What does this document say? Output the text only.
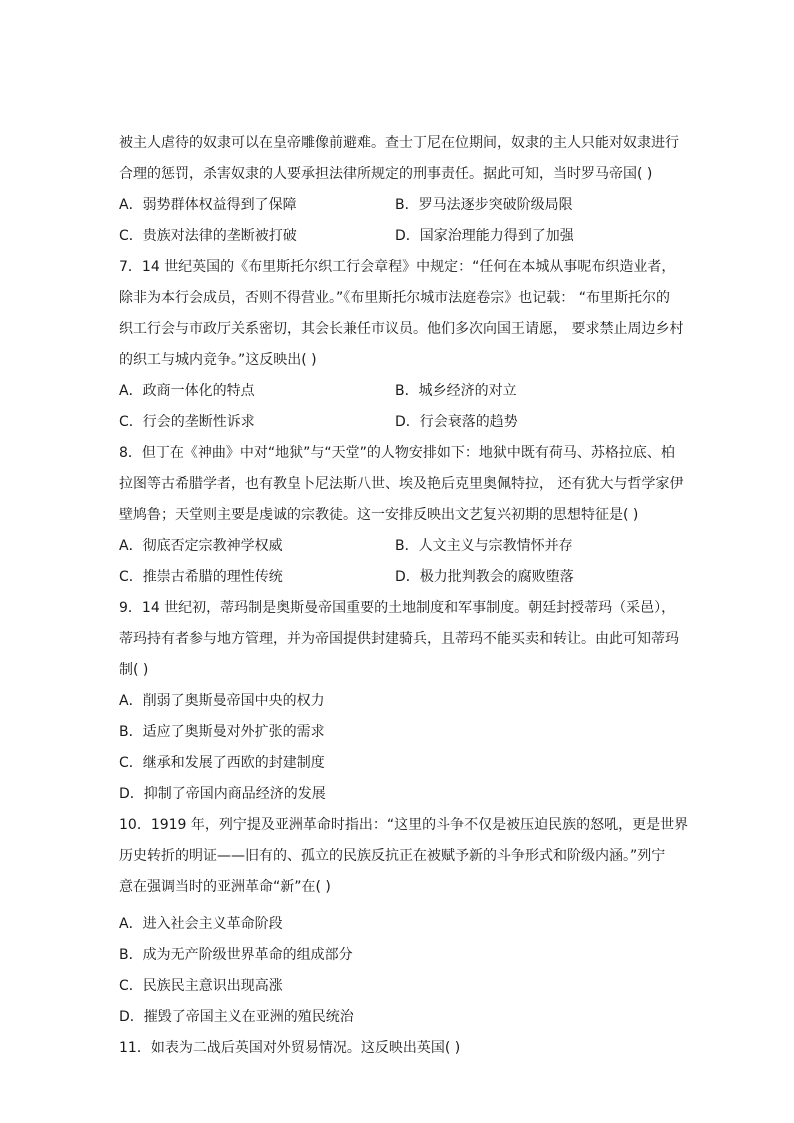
被主人虐待的奴隶可以在皇帝雕像前避难。查士丁尼在位期间，奴隶的主人只能对奴隶进行
合理的惩罚，杀害奴隶的人要承担法律所规定的刑事责任。据此可知，当时罗马帝国( )
A．弱势群体权益得到了保障	B．罗马法逐步突破阶级局限
C．贵族对法律的垄断被打破	D．国家治理能力得到了加强
7．14 世纪英国的《布里斯托尔织工行会章程》中规定：“任何在本城从事呢布织造业者，
除非为本行会成员，否则不得营业。”《布里斯托尔城市法庭卷宗》也记载： “布里斯托尔的
织工行会与市政厅关系密切，其会长兼任市议员。他们多次向国王请愿， 要求禁止周边乡村
的织工与城内竞争。”这反映出( )
A．政商一体化的特点	B．城乡经济的对立
C．行会的垄断性诉求	D．行会衰落的趋势
8．但丁在《神曲》中对“地狱”与“天堂”的人物安排如下：地狱中既有荷马、苏格拉底、柏
拉图等古希腊学者，也有教皇卜尼法斯八世、埃及艳后克里奥佩特拉， 还有犹大与哲学家伊
壁鸠鲁；天堂则主要是虔诚的宗教徒。这一安排反映出文艺复兴初期的思想特征是( )
A．彻底否定宗教神学权威	B．人文主义与宗教情怀并存
C．推崇古希腊的理性传统	D．极力批判教会的腐败堕落
9．14 世纪初，蒂玛制是奥斯曼帝国重要的土地制度和军事制度。朝廷封授蒂玛（采邑），
蒂玛持有者参与地方管理，并为帝国提供封建骑兵，且蒂玛不能买卖和转让。由此可知蒂玛
制( )
A．削弱了奥斯曼帝国中央的权力
B．适应了奥斯曼对外扩张的需求
C．继承和发展了西欧的封建制度
D．抑制了帝国内商品经济的发展
10．1919 年，列宁提及亚洲革命时指出：“这里的斗争不仅是被压迫民族的怒吼，更是世界
历史转折的明证——旧有的、孤立的民族反抗正在被赋予新的斗争形式和阶级内涵。”列宁
意在强调当时的亚洲革命“新”在( )
A．进入社会主义革命阶段
B．成为无产阶级世界革命的组成部分
C．民族民主意识出现高涨
D．摧毁了帝国主义在亚洲的殖民统治
11．如表为二战后英国对外贸易情况。这反映出英国( )
